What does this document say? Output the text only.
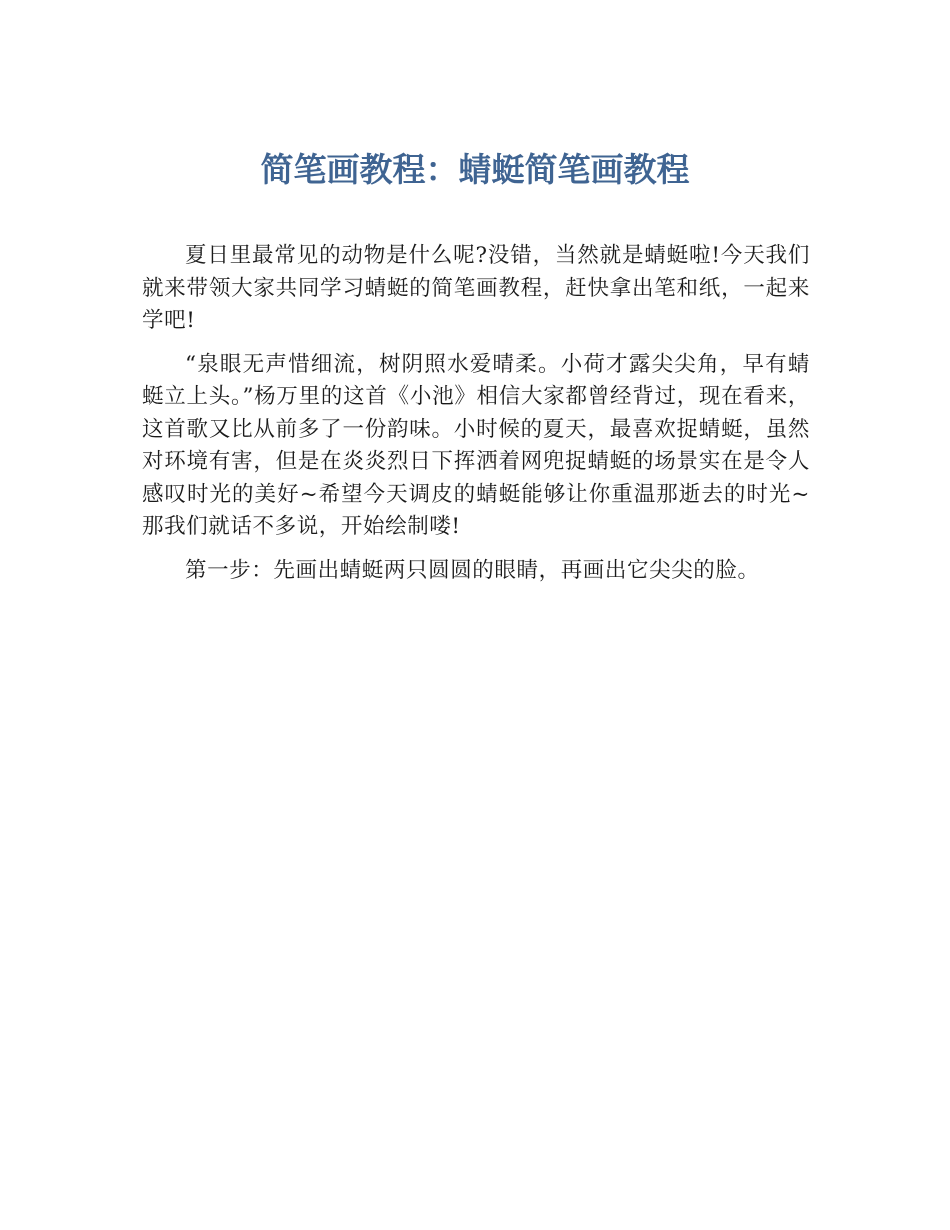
简笔画教程：蜻蜓简笔画教程

夏日里最常见的动物是什么呢?没错，当然就是蜻蜓啦!今天我们就来带领大家共同学习蜻蜓的简笔画教程，赶快拿出笔和纸，一起来学吧!

“泉眼无声惜细流，树阴照水爱晴柔。小荷才露尖尖角，早有蜻蜓立上头。”杨万里的这首《小池》相信大家都曾经背过，现在看来，这首歌又比从前多了一份韵味。小时候的夏天，最喜欢捉蜻蜓，虽然对环境有害，但是在炎炎烈日下挥洒着网兜捉蜻蜓的场景实在是令人感叹时光的美好~希望今天调皮的蜻蜓能够让你重温那逝去的时光~那我们就话不多说，开始绘制喽!

第一步：先画出蜻蜓两只圆圆的眼睛，再画出它尖尖的脸。
